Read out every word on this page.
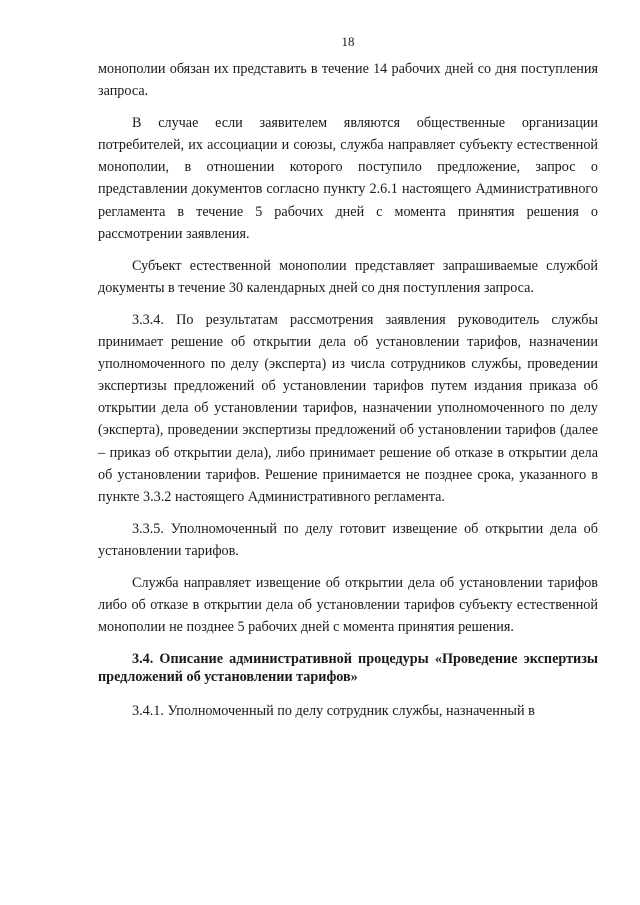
18

монополии обязан их представить в течение 14 рабочих дней со дня поступления запроса.

В случае если заявителем являются общественные организации потребителей, их ассоциации и союзы, служба направляет субъекту естественной монополии, в отношении которого поступило предложение, запрос о представлении документов согласно пункту 2.6.1 настоящего Административного регламента в течение 5 рабочих дней с момента принятия решения о рассмотрении заявления.

Субъект естественной монополии представляет запрашиваемые службой документы в течение 30 календарных дней со дня поступления запроса.

3.3.4. По результатам рассмотрения заявления руководитель службы принимает решение об открытии дела об установлении тарифов, назначении уполномоченного по делу (эксперта) из числа сотрудников службы, проведении экспертизы предложений об установлении тарифов путем издания приказа об открытии дела об установлении тарифов, назначении уполномоченного по делу (эксперта), проведении экспертизы предложений об установлении тарифов (далее – приказ об открытии дела), либо принимает решение об отказе в открытии дела об установлении тарифов. Решение принимается не позднее срока, указанного в пункте 3.3.2 настоящего Административного регламента.

3.3.5. Уполномоченный по делу готовит извещение об открытии дела об установлении тарифов.

Служба направляет извещение об открытии дела об установлении тарифов либо об отказе в открытии дела об установлении тарифов субъекту естественной монополии не позднее 5 рабочих дней с момента принятия решения.

3.4. Описание административной процедуры «Проведение экспертизы предложений об установлении тарифов»

3.4.1. Уполномоченный по делу сотрудник службы, назначенный в
